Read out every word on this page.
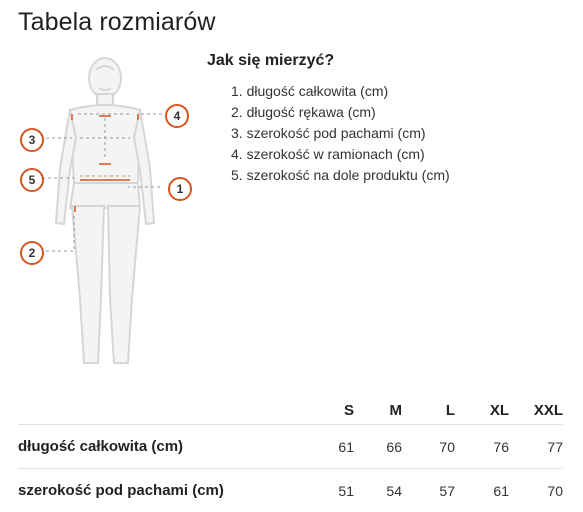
Tabela rozmiarów
4
3
5
1
2
Jak się mierzyć?
1. długość całkowita (cm)
2. długość rękawa (cm)
3. szerokość pod pachami (cm)
4. szerokość w ramionach (cm)
5. szerokość na dole produktu (cm)
	S	M	L	XL	XXL
długość całkowita (cm)	61	66	70	76	77
szerokość pod pachami (cm)	51	54	57	61	70
